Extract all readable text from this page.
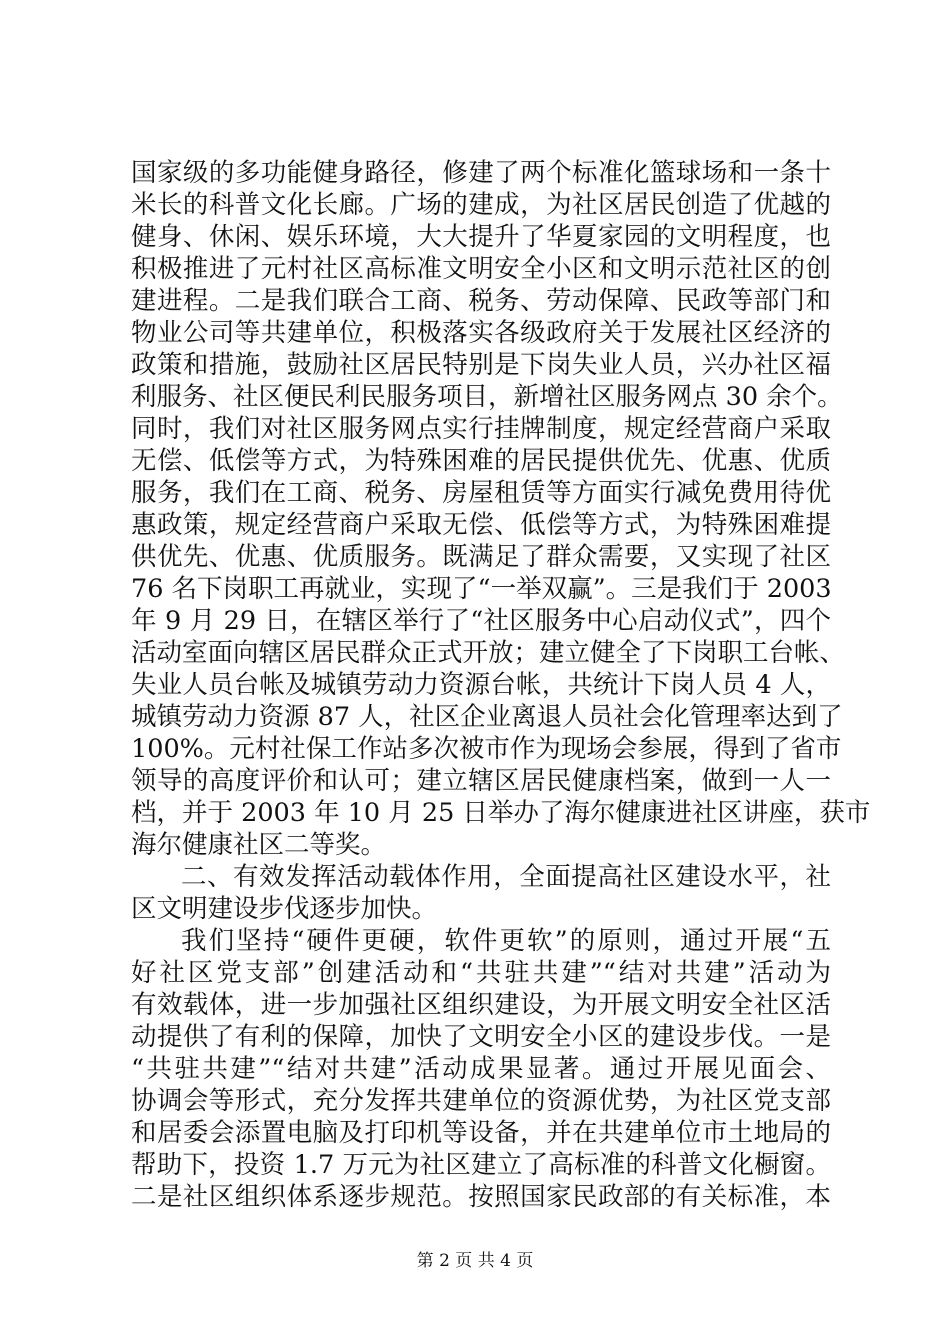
国家级的多功能健身路径，修建了两个标准化篮球场和一条十
米长的科普文化长廊。广场的建成，为社区居民创造了优越的
健身、休闲、娱乐环境，大大提升了华夏家园的文明程度，也
积极推进了元村社区高标准文明安全小区和文明示范社区的创
建进程。二是我们联合工商、税务、劳动保障、民政等部门和
物业公司等共建单位，积极落实各级政府关于发展社区经济的
政策和措施，鼓励社区居民特别是下岗失业人员，兴办社区福
利服务、社区便民利民服务项目，新增社区服务网点 30 余个。
同时，我们对社区服务网点实行挂牌制度，规定经营商户采取
无偿、低偿等方式，为特殊困难的居民提供优先、优惠、优质
服务，我们在工商、税务、房屋租赁等方面实行减免费用待优
惠政策，规定经营商户采取无偿、低偿等方式，为特殊困难提
供优先、优惠、优质服务。既满足了群众需要，又实现了社区
76 名下岗职工再就业，实现了“一举双赢”。三是我们于 2003
年 9 月 29 日，在辖区举行了“社区服务中心启动仪式”，四个
活动室面向辖区居民群众正式开放；建立健全了下岗职工台帐、
失业人员台帐及城镇劳动力资源台帐，共统计下岗人员 4 人，
城镇劳动力资源 87 人，社区企业离退人员社会化管理率达到了
100%。元村社保工作站多次被市作为现场会参展，得到了省市
领导的高度评价和认可；建立辖区居民健康档案，做到一人一
档，并于 2003 年 10 月 25 日举办了海尔健康进社区讲座，获市
海尔健康社区二等奖。
二、有效发挥活动载体作用，全面提高社区建设水平，社
区文明建设步伐逐步加快。
我们坚持“硬件更硬，软件更软”的原则，通过开展“五
好社区党支部”创建活动和“共驻共建”“结对共建”活动为
有效载体，进一步加强社区组织建设，为开展文明安全社区活
动提供了有利的保障，加快了文明安全小区的建设步伐。一是
“共驻共建”“结对共建”活动成果显著。通过开展见面会、
协调会等形式，充分发挥共建单位的资源优势，为社区党支部
和居委会添置电脑及打印机等设备，并在共建单位市土地局的
帮助下，投资 1.7 万元为社区建立了高标准的科普文化橱窗。
二是社区组织体系逐步规范。按照国家民政部的有关标准，本
第 2 页 共 4 页
